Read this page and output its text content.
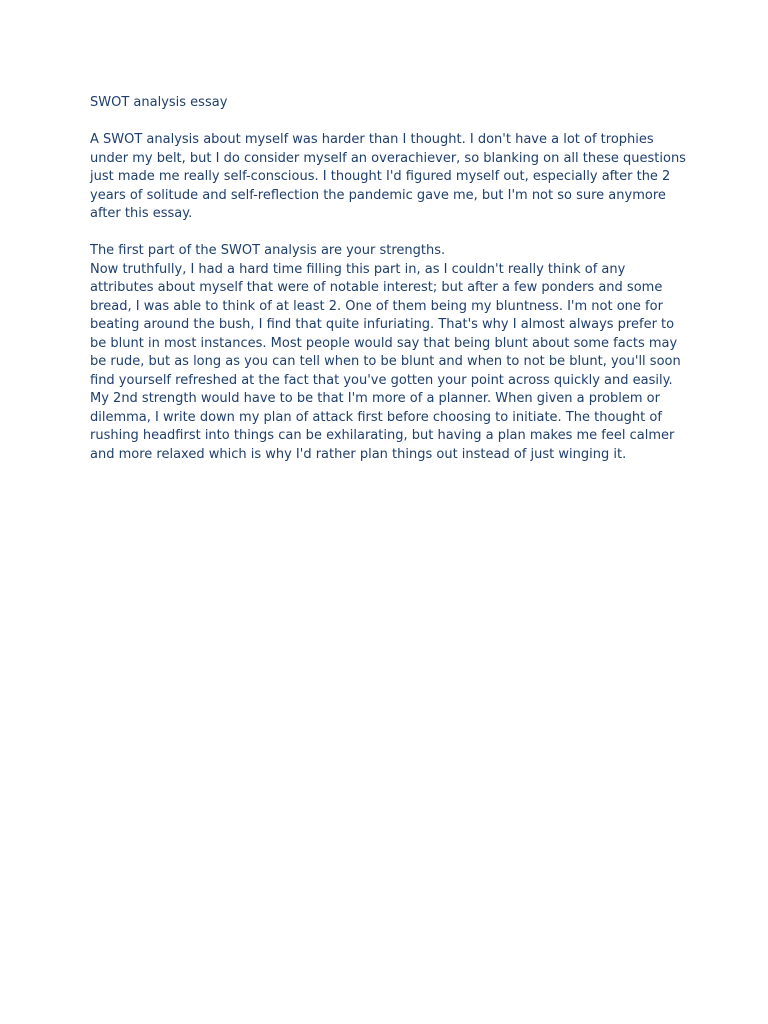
SWOT analysis essay

A SWOT analysis about myself was harder than I thought. I don't have a lot of trophies under my belt, but I do consider myself an overachiever, so blanking on all these questions just made me really self-conscious. I thought I'd figured myself out, especially after the 2 years of solitude and self-reflection the pandemic gave me, but I'm not so sure anymore after this essay.

The first part of the SWOT analysis are your strengths.

Now truthfully, I had a hard time filling this part in, as I couldn't really think of any attributes about myself that were of notable interest; but after a few ponders and some bread, I was able to think of at least 2. One of them being my bluntness. I'm not one for beating around the bush, I find that quite infuriating. That's why I almost always prefer to be blunt in most instances. Most people would say that being blunt about some facts may be rude, but as long as you can tell when to be blunt and when to not be blunt, you'll soon find yourself refreshed at the fact that you've gotten your point across quickly and easily.

My 2nd strength would have to be that I'm more of a planner. When given a problem or dilemma, I write down my plan of attack first before choosing to initiate. The thought of rushing headfirst into things can be exhilarating, but having a plan makes me feel calmer and more relaxed which is why I'd rather plan things out instead of just winging it.
